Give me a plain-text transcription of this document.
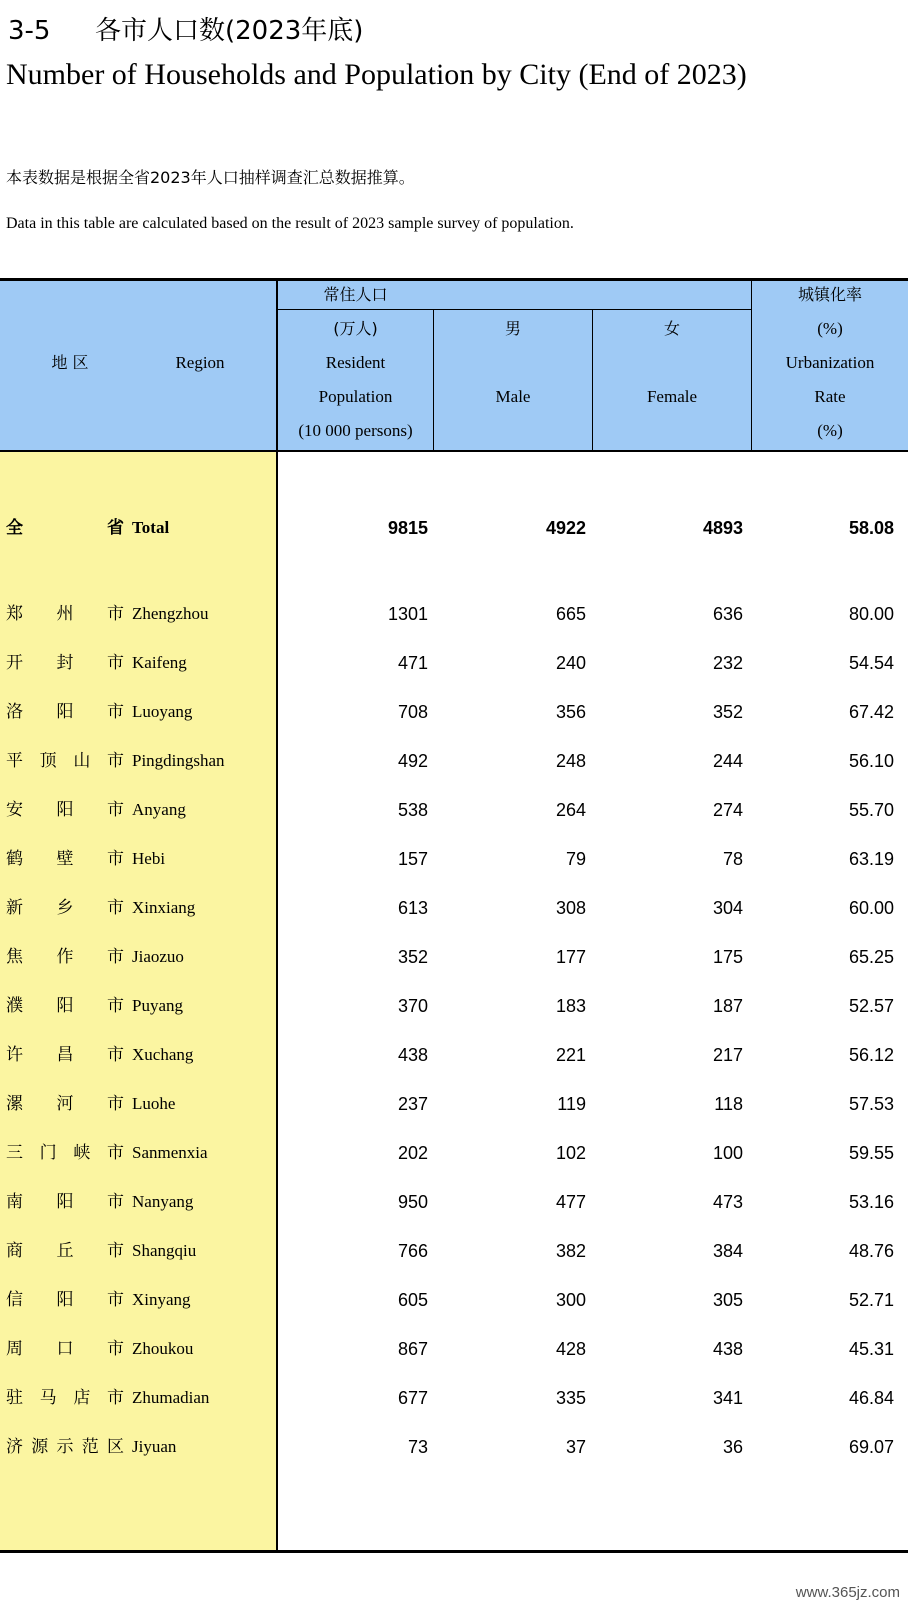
3-5 各市人口数(2023年底)
Number of Households and Population by City (End of 2023)
本表数据是根据全省2023年人口抽样调查汇总数据推算。
Data in this table are calculated based on the result of 2023 sample survey of population.
地 区	Region
常住人口
(万人)
Resident
Population
(10 000 persons)
男
Male
女
Female
城镇化率
(%)
Urbanization
Rate
(%)
全	省 Total	9815	4922	4893	58.08
郑 州 市 Zhengzhou	1301	665	636	80.00
开 封 市 Kaifeng	471	240	232	54.54
洛 阳 市 Luoyang	708	356	352	67.42
平 顶 山 市 Pingdingshan	492	248	244	56.10
安 阳 市 Anyang	538	264	274	55.70
鹤 壁 市 Hebi	157	79	78	63.19
新 乡 市 Xinxiang	613	308	304	60.00
焦 作 市 Jiaozuo	352	177	175	65.25
濮 阳 市 Puyang	370	183	187	52.57
许 昌 市 Xuchang	438	221	217	56.12
漯 河 市 Luohe	237	119	118	57.53
三 门 峡 市 Sanmenxia	202	102	100	59.55
南 阳 市 Nanyang	950	477	473	53.16
商 丘 市 Shangqiu	766	382	384	48.76
信 阳 市 Xinyang	605	300	305	52.71
周 口 市 Zhoukou	867	428	438	45.31
驻 马 店 市 Zhumadian	677	335	341	46.84
济 源 示 范 区 Jiyuan	73	37	36	69.07
www.365jz.com
